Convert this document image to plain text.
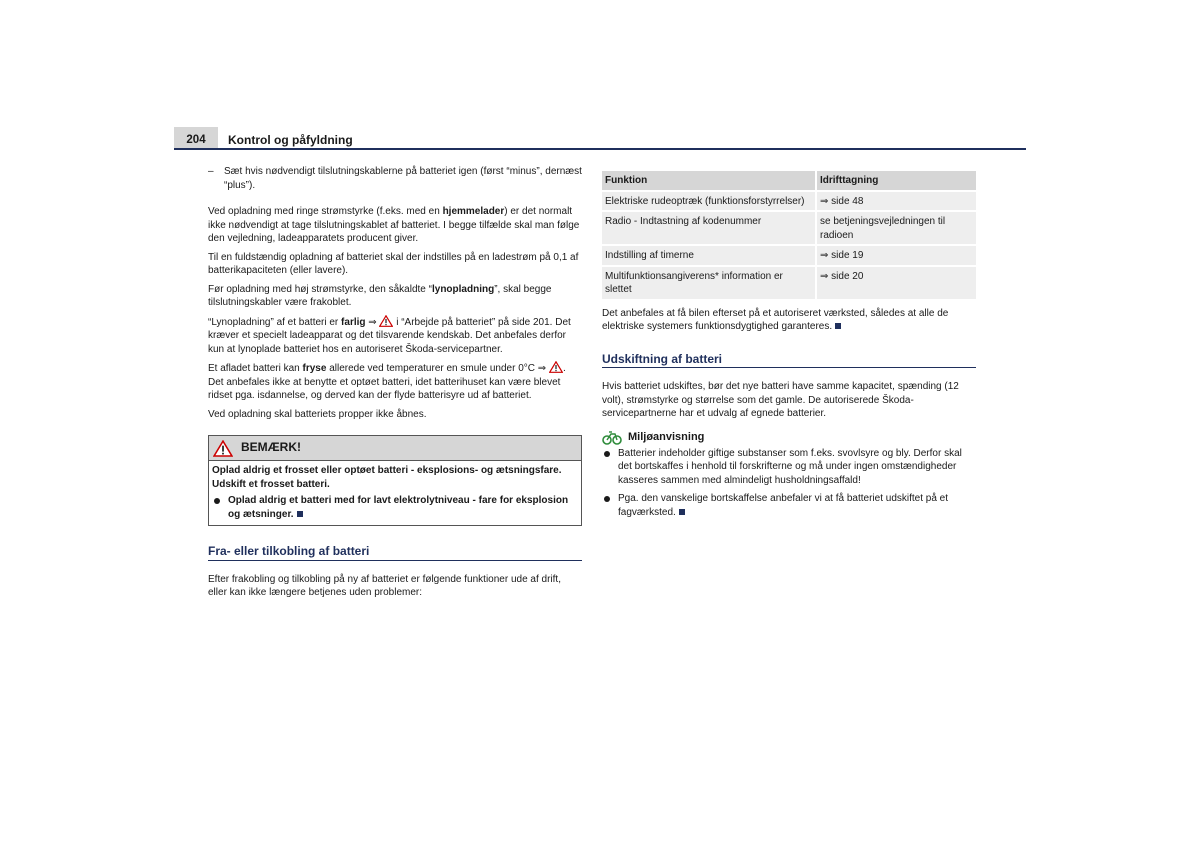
204	Kontrol og påfyldning
– Sæt hvis nødvendigt tilslutningskablerne på batteriet igen (først “minus”, dernæst “plus”).

Ved opladning med ringe strømstyrke (f.eks. med en hjemmelader) er det normalt ikke nødvendigt at tage tilslutningskablet af batteriet. I begge tilfælde skal man følge den vejledning, ladeapparatets producent giver.

Til en fuldstændig opladning af batteriet skal der indstilles på en ladestrøm på 0,1 af batterikapaciteten (eller lavere).

Før opladning med høj strømstyrke, den såkaldte “lynopladning”, skal begge tilslutningskabler være frakoblet.

“Lynopladning” af et batteri er farlig ⇒  i “Arbejde på batteriet” på side 201. Det kræver et specielt ladeapparat og det tilsvarende kendskab. Det anbefales derfor kun at lynoplade batteriet hos en autoriseret Škoda-servicepartner.

Et afladet batteri kan fryse allerede ved temperaturer en smule under 0°C ⇒ . Det anbefales ikke at benytte et optøet batteri, idet batterihuset kan være blevet ridset pga. isdannelse, og derved kan der flyde batterisyre ud af batteriet.

Ved opladning skal batteriets propper ikke åbnes.

BEMÆRK!

Oplad aldrig et frosset eller optøet batteri - eksplosions- og ætsningsfare. Udskift et frosset batteri.

Oplad aldrig et batteri med for lavt elektrolytniveau - fare for eksplosion og ætsninger.

Fra- eller tilkobling af batteri

Efter frakobling og tilkobling på ny af batteriet er følgende funktioner ude af drift, eller kan ikke længere betjenes uden problemer:

Funktion	Idrifttagning
Elektriske rudeoptræk (funktionsforstyrrelser)	⇒ side 48
Radio - Indtastning af kodenummer	se betjeningsvejledningen til radioen
Indstilling af timerne	⇒ side 19
Multifunktionsangiverens* information er slettet	⇒ side 20

Det anbefales at få bilen efterset på et autoriseret værksted, således at alle de elektriske systemers funktionsdygtighed garanteres.

Udskiftning af batteri

Hvis batteriet udskiftes, bør det nye batteri have samme kapacitet, spænding (12 volt), strømstyrke og størrelse som det gamle. De autoriserede Škoda-servicepartnerne har et udvalg af egnede batterier.

Miljøanvisning

Batterier indeholder giftige substanser som f.eks. svovlsyre og bly. Derfor skal det bortskaffes i henhold til forskrifterne og må under ingen omstændigheder kasseres sammen med almindeligt husholdningsaffald!

Pga. den vanskelige bortskaffelse anbefaler vi at få batteriet udskiftet på et fagværksted.
